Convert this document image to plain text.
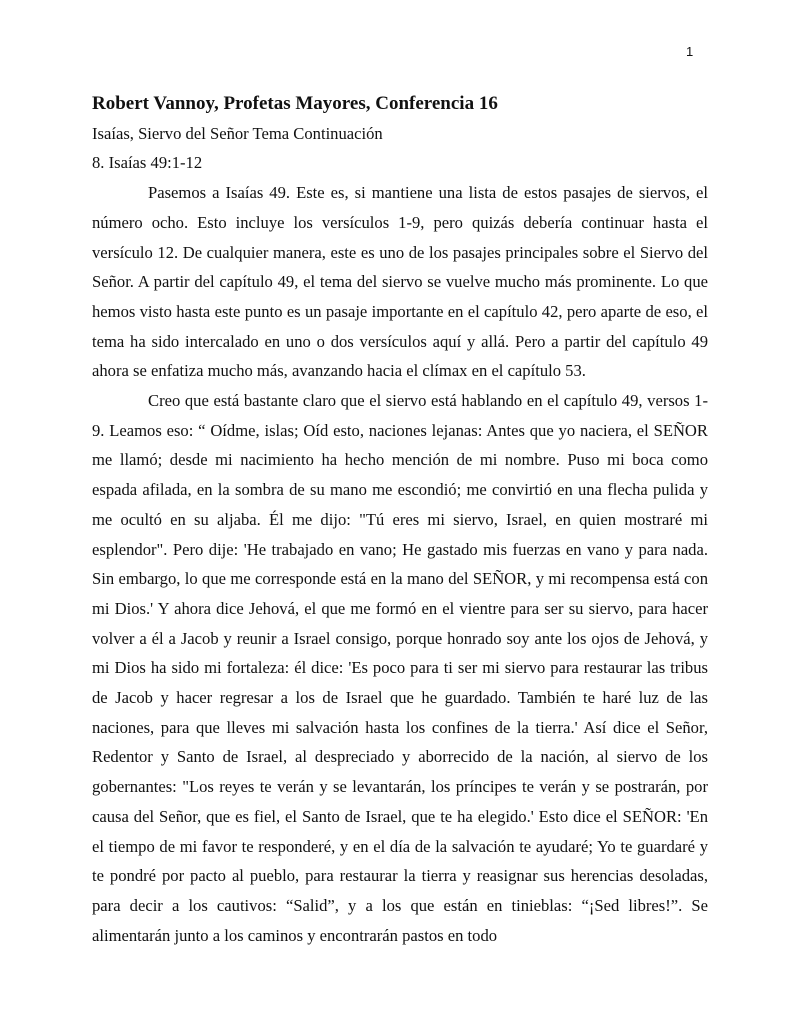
1

Robert Vannoy, Profetas Mayores, Conferencia 16

Isaías, Siervo del Señor Tema Continuación

8. Isaías 49:1-12

Pasemos a Isaías 49. Este es, si mantiene una lista de estos pasajes de siervos, el número ocho. Esto incluye los versículos 1-9, pero quizás debería continuar hasta el versículo 12. De cualquier manera, este es uno de los pasajes principales sobre el Siervo del Señor. A partir del capítulo 49, el tema del siervo se vuelve mucho más prominente. Lo que hemos visto hasta este punto es un pasaje importante en el capítulo 42, pero aparte de eso, el tema ha sido intercalado en uno o dos versículos aquí y allá. Pero a partir del capítulo 49 ahora se enfatiza mucho más, avanzando hacia el clímax en el capítulo 53.

Creo que está bastante claro que el siervo está hablando en el capítulo 49, versos 1-9. Leamos eso: “ Oídme, islas; Oíd esto, naciones lejanas: Antes que yo naciera, el SEÑOR me llamó; desde mi nacimiento ha hecho mención de mi nombre. Puso mi boca como espada afilada, en la sombra de su mano me escondió; me convirtió en una flecha pulida y me ocultó en su aljaba. Él me dijo: "Tú eres mi siervo, Israel, en quien mostraré mi esplendor". Pero dije: 'He trabajado en vano; He gastado mis fuerzas en vano y para nada. Sin embargo, lo que me corresponde está en la mano del SEÑOR, y mi recompensa está con mi Dios.' Y ahora dice Jehová, el que me formó en el vientre para ser su siervo, para hacer volver a él a Jacob y reunir a Israel consigo, porque honrado soy ante los ojos de Jehová, y mi Dios ha sido mi fortaleza: él dice: 'Es poco para ti ser mi siervo para restaurar las tribus de Jacob y hacer regresar a los de Israel que he guardado. También te haré luz de las naciones, para que lleves mi salvación hasta los confines de la tierra.' Así dice el Señor, Redentor y Santo de Israel, al despreciado y aborrecido de la nación, al siervo de los gobernantes: "Los reyes te verán y se levantarán, los príncipes te verán y se postrarán, por causa del Señor, que es fiel, el Santo de Israel, que te ha elegido.' Esto dice el SEÑOR: 'En el tiempo de mi favor te responderé, y en el día de la salvación te ayudaré; Yo te guardaré y te pondré por pacto al pueblo, para restaurar la tierra y reasignar sus herencias desoladas, para decir a los cautivos: “Salid”, y a los que están en tinieblas: “¡Sed libres!”. Se alimentarán junto a los caminos y encontrarán pastos en todo
